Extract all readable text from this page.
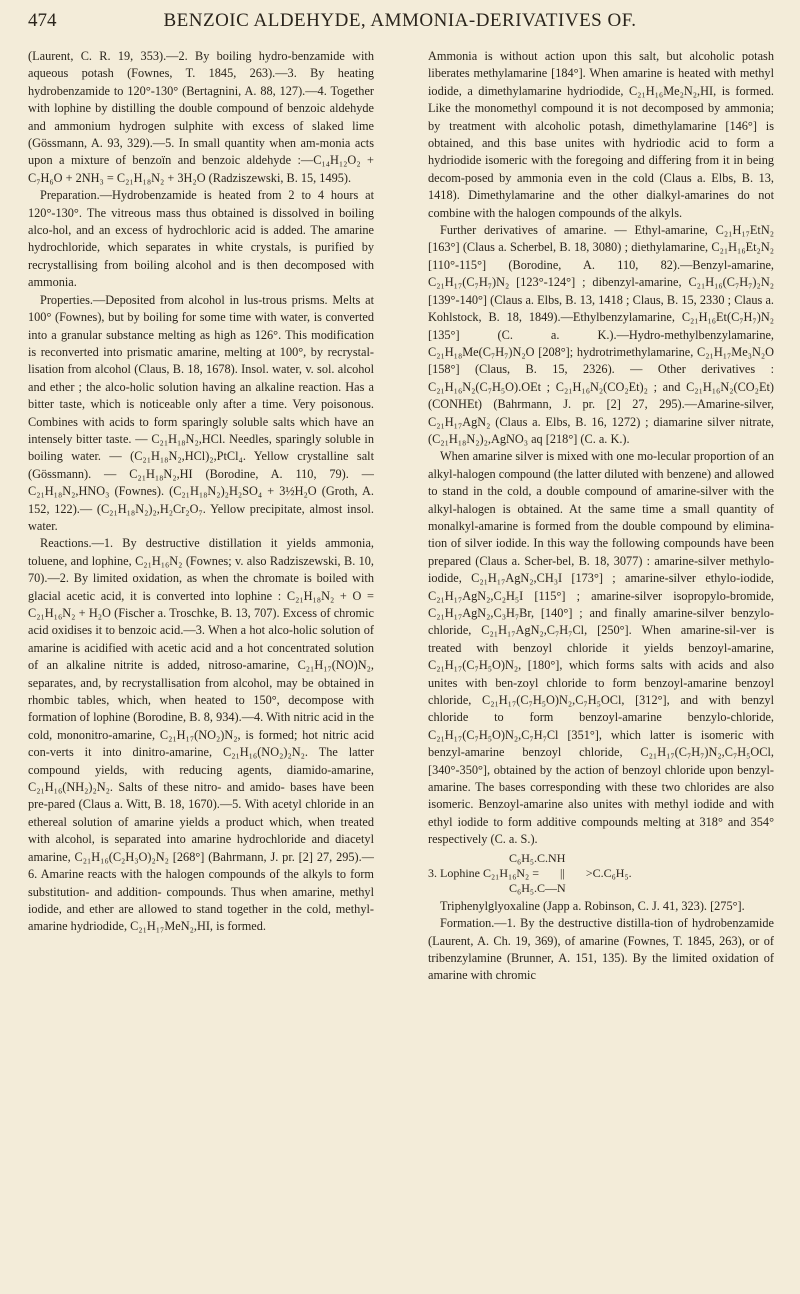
474	BENZOIC ALDEHYDE, AMMONIA-DERIVATIVES OF.

(Laurent, C. R. 19, 353).—2. By boiling hydro-benzamide with aqueous potash (Fownes, T. 1845, 263).—3. By heating hydrobenzamide to 120°-130° (Bertagnini, A. 88, 127).—4. Together with lophine by distilling the double compound of benzoic aldehyde and ammonium hydrogen sulphite with excess of slaked lime (Gössmann, A. 93, 329).—5. In small quantity when am-monia acts upon a mixture of benzoïn and benzoic aldehyde :—C₁₄H₁₂O₂ + C₇H₆O + 2NH₃ = C₂₁H₁₈N₂ + 3H₂O (Radziszewski, B. 15, 1495).

Preparation.—Hydrobenzamide is heated from 2 to 4 hours at 120°-130°. The vitreous mass thus obtained is dissolved in boiling alco-hol, and an excess of hydrochloric acid is added. The amarine hydrochloride, which separates in white crystals, is purified by recrystallising from boiling alcohol and is then decomposed with ammonia.

Properties.—Deposited from alcohol in lus-trous prisms. Melts at 100° (Fownes), but by boiling for some time with water, is converted into a granular substance melting as high as 126°. This modification is reconverted into prismatic amarine, melting at 100°, by recrystal-lisation from alcohol (Claus, B. 18, 1678). Insol. water, v. sol. alcohol and ether ; the alco-holic solution having an alkaline reaction. Has a bitter taste, which is noticeable only after a time. Very poisonous. Combines with acids to form sparingly soluble salts which have an intensely bitter taste. — C₂₁H₁₈N₂,HCl. Needles, sparingly soluble in boiling water. — (C₂₁H₁₈N₂,HCl)₂,PtCl₄. Yellow crystalline salt (Gössmann). — C₂₁H₁₈N₂,HI (Borodine, A. 110, 79). — C₂₁H₁₈N₂,HNO₃ (Fownes). (C₂₁H₁₈N₂)₂H₂SO₄ + 3½H₂O (Groth, A. 152, 122).— (C₂₁H₁₈N₂)₂,H₂Cr₂O₇. Yellow precipitate, almost insol. water.

Reactions.—1. By destructive distillation it yields ammonia, toluene, and lophine, C₂₁H₁₆N₂ (Fownes; v. also Radziszewski, B. 10, 70).—2. By limited oxidation, as when the chromate is boiled with glacial acetic acid, it is converted into lophine : C₂₁H₁₈N₂ + O = C₂₁H₁₆N₂ + H₂O (Fischer a. Troschke, B. 13, 707). Excess of chromic acid oxidises it to benzoic acid.—3. When a hot alco-holic solution of amarine is acidified with acetic acid and a hot concentrated solution of an alkaline nitrite is added, nitroso-amarine, C₂₁H₁₇(NO)N₂, separates, and, by recrystallisation from alcohol, may be obtained in rhombic tables, which, when heated to 150°, decompose with formation of lophine (Borodine, B. 8, 934).—4. With nitric acid in the cold, mononitro-amarine, C₂₁H₁₇(NO₂)N₂, is formed; hot nitric acid con-verts it into dinitro-amarine, C₂₁H₁₆(NO₂)₂N₂. The latter compound yields, with reducing agents, diamido-amarine, C₂₁H₁₆(NH₂)₂N₂. Salts of these nitro- and amido- bases have been pre-pared (Claus a. Witt, B. 18, 1670).—5. With acetyl chloride in an ethereal solution of amarine yields a product which, when treated with alcohol, is separated into amarine hydrochloride and diacetyl amarine, C₂₁H₁₆(C₂H₃O)₂N₂ [268°] (Bahrmann, J. pr. [2] 27, 295).—6. Amarine reacts with the halogen compounds of the alkyls to form substitution- and addition- compounds. Thus when amarine, methyl iodide, and ether are allowed to stand together in the cold, methyl-amarine hydriodide, C₂₁H₁₇MeN₂,HI, is formed.

Ammonia is without action upon this salt, but alcoholic potash liberates methylamarine [184°]. When amarine is heated with methyl iodide, a dimethylamarine hydriodide, C₂₁H₁₆Me₂N₂,HI, is formed. Like the monomethyl compound it is not decomposed by ammonia; by treatment with alcoholic potash, dimethylamarine [146°] is obtained, and this base unites with hydriodic acid to form a hydriodide isomeric with the foregoing and differing from it in being decom-posed by ammonia even in the cold (Claus a. Elbs, B. 13, 1418). Dimethylamarine and the other dialkyl-amarines do not combine with the halogen compounds of the alkyls.

Further derivatives of amarine. — Ethyl-amarine, C₂₁H₁₇EtN₂ [163°] (Claus a. Scherbel, B. 18, 3080) ; diethylamarine, C₂₁H₁₆Et₂N₂ [110°-115°] (Borodine, A. 110, 82).—Benzyl-amarine, C₂₁H₁₇(C₇H₇)N₂ [123°-124°] ; dibenzyl-amarine, C₂₁H₁₆(C₇H₇)₂N₂ [139°-140°] (Claus a. Elbs, B. 13, 1418 ; Claus, B. 15, 2330 ; Claus a. Kohlstock, B. 18, 1849).—Ethylbenzylamarine, C₂₁H₁₆Et(C₇H₇)N₂ [135°] (C. a. K.).—Hydro-methylbenzylamarine, C₂₁H₁₈Me(C₇H₇)N₂O [208°]; hydrotrimethylamarine, C₂₁H₁₇Me₃N₂O [158°] (Claus, B. 15, 2326). — Other derivatives : C₂₁H₁₆N₂(C₇H₅O).OEt ; C₂₁H₁₆N₂(CO₂Et)₂ ; and C₂₁H₁₆N₂(CO₂Et)(CONHEt) (Bahrmann, J. pr. [2] 27, 295).—Amarine-silver, C₂₁H₁₇AgN₂ (Claus a. Elbs, B. 16, 1272) ; diamarine silver nitrate, (C₂₁H₁₈N₂)₂,AgNO₃ aq [218°] (C. a. K.).

When amarine silver is mixed with one mo-lecular proportion of an alkyl-halogen compound (the latter diluted with benzene) and allowed to stand in the cold, a double compound of amarine-silver with the alkyl-halogen is obtained. At the same time a small quantity of monalkyl-amarine is formed from the double compound by elimina-tion of silver iodide. In this way the following compounds have been prepared (Claus a. Scher-bel, B. 18, 3077) : amarine-silver methylo-iodide, C₂₁H₁₇AgN₂,CH₃I [173°] ; amarine-silver ethylo-iodide, C₂₁H₁₇AgN₂,C₂H₅I [115°] ; amarine-silver isopropylo-bromide, C₂₁H₁₇AgN₂,C₃H₇Br, [140°] ; and finally amarine-silver benzylo-chloride, C₂₁H₁₇AgN₂,C₇H₇Cl, [250°]. When amarine-sil-ver is treated with benzoyl chloride it yields benzoyl-amarine, C₂₁H₁₇(C₇H₅O)N₂, [180°], which forms salts with acids and also unites with ben-zoyl chloride to form benzoyl-amarine benzoyl chloride, C₂₁H₁₇(C₇H₅O)N₂,C₇H₅OCl, [312°], and with benzyl chloride to form benzoyl-amarine benzylo-chloride, C₂₁H₁₇(C₇H₅O)N₂,C₇H₇Cl [351°], which latter is isomeric with benzyl-amarine benzoyl chloride, C₂₁H₁₇(C₇H₇)N₂,C₇H₅OCl, [340°-350°], obtained by the action of benzoyl chloride upon benzyl-amarine. The bases corresponding with these two chlorides are also isomeric. Benzoyl-amarine also unites with methyl iodide and with ethyl iodide to form additive compounds melting at 318° and 354° respectively (C. a. S.).

C₆H₅.C.NH
3. Lophine C₂₁H₁₆N₂ =       ||       >C.C₆H₅.
C₆H₅.C—N

Triphenylglyoxaline (Japp a. Robinson, C. J. 41, 323). [275°].

Formation.—1. By the destructive distilla-tion of hydrobenzamide (Laurent, A. Ch. 19, 369), of amarine (Fownes, T. 1845, 263), or of tribenzylamine (Brunner, A. 151, 135). By the limited oxidation of amarine with chromic
